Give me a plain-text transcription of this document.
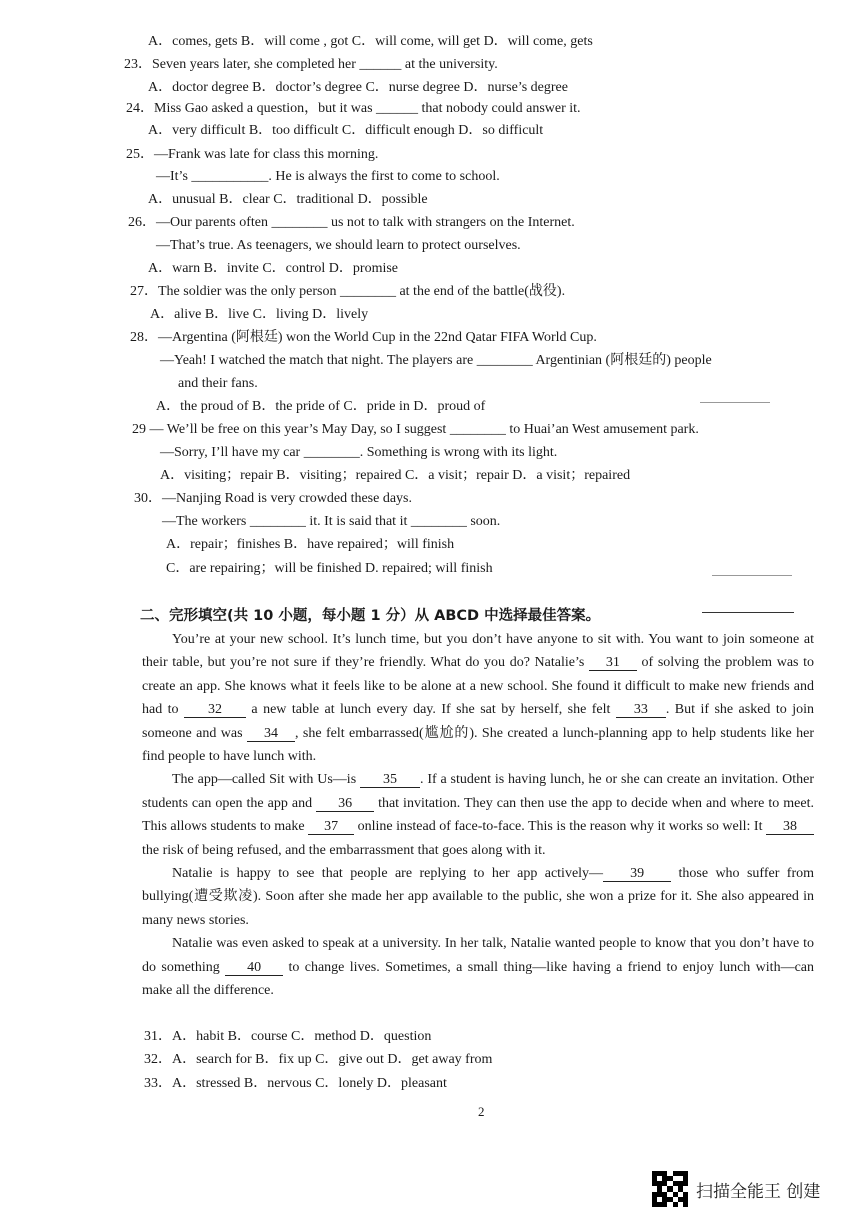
A．comes, gets B．will come , got C．will come, will get D．will come, gets
23．Seven years later, she completed her ______ at the university.
A．doctor degree B．doctor’s degree C．nurse degree D．nurse’s degree
24．Miss Gao asked a question，but it was ______ that nobody could answer it.
A．very difficult B．too difficult C．difficult enough D．so difficult
25．—Frank was late for class this morning.
—It’s ___________. He is always the first to come to school.
A．unusual B．clear C．traditional D．possible
26．—Our parents often ________ us not to talk with strangers on the Internet.
—That’s true. As teenagers, we should learn to protect ourselves.
A．warn B．invite C．control D．promise
27．The soldier was the only person ________ at the end of the battle(战役).
A．alive B．live C．living D．lively
28．—Argentina (阿根廷) won the World Cup in the 22nd Qatar FIFA World Cup.
—Yeah! I watched the match that night. The players are ________ Argentinian (阿根廷的) people
and their fans.
A．the proud of B．the pride of C．pride in D．proud of
29 — We’ll be free on this year’s May Day, so I suggest ________ to Huai’an West amusement park.
—Sorry, I’ll have my car ________. Something is wrong with its light.
A．visiting；repair B．visiting；repaired C．a visit；repair D．a visit；repaired
30．—Nanjing Road is very crowded these days.
—The workers ________ it. It is said that it ________ soon.
A．repair；finishes B．have repaired；will finish
C．are repairing；will be finished D. repaired; will finish
二、完形填空(共 10 小题，每小题 1 分）从 ABCD 中选择最佳答案。

You’re at your new school. It’s lunch time, but you don’t have anyone to sit with. You want to join someone at their table, but you’re not sure if they’re friendly. What do you do? Natalie’s 31 of solving the problem was to create an app. She knows what it feels like to be alone at a new school. She found it difficult to make new friends and had to 32 a new table at lunch every day. If she sat by herself, she felt 33 . But if she asked to join someone and was 34 , she felt embarrassed(尴尬的). She created a lunch-planning app to help students like her find people to have lunch with.

The app—called Sit with Us—is 35 . If a student is having lunch, he or she can create an invitation. Other students can open the app and 36 that invitation. They can then use the app to decide when and where to meet. This allows students to make 37 online instead of face-to-face. This is the reason why it works so well: It 38 the risk of being refused, and the embarrassment that goes along with it.

Natalie is happy to see that people are replying to her app actively— 39 those who suffer from bullying(遭受欺凌). Soon after she made her app available to the public, she won a prize for it. She also appeared in many news stories.

Natalie was even asked to speak at a university. In her talk, Natalie wanted people to know that you don’t have to do something 40 to change lives. Sometimes, a small thing—like having a friend to enjoy lunch with—can make all the difference.

31．A．habit B．course C．method D．question
32．A．search for B．fix up C．give out D．get away from
33．A．stressed B．nervous C．lonely D．pleasant
2
扫描全能王 创建
